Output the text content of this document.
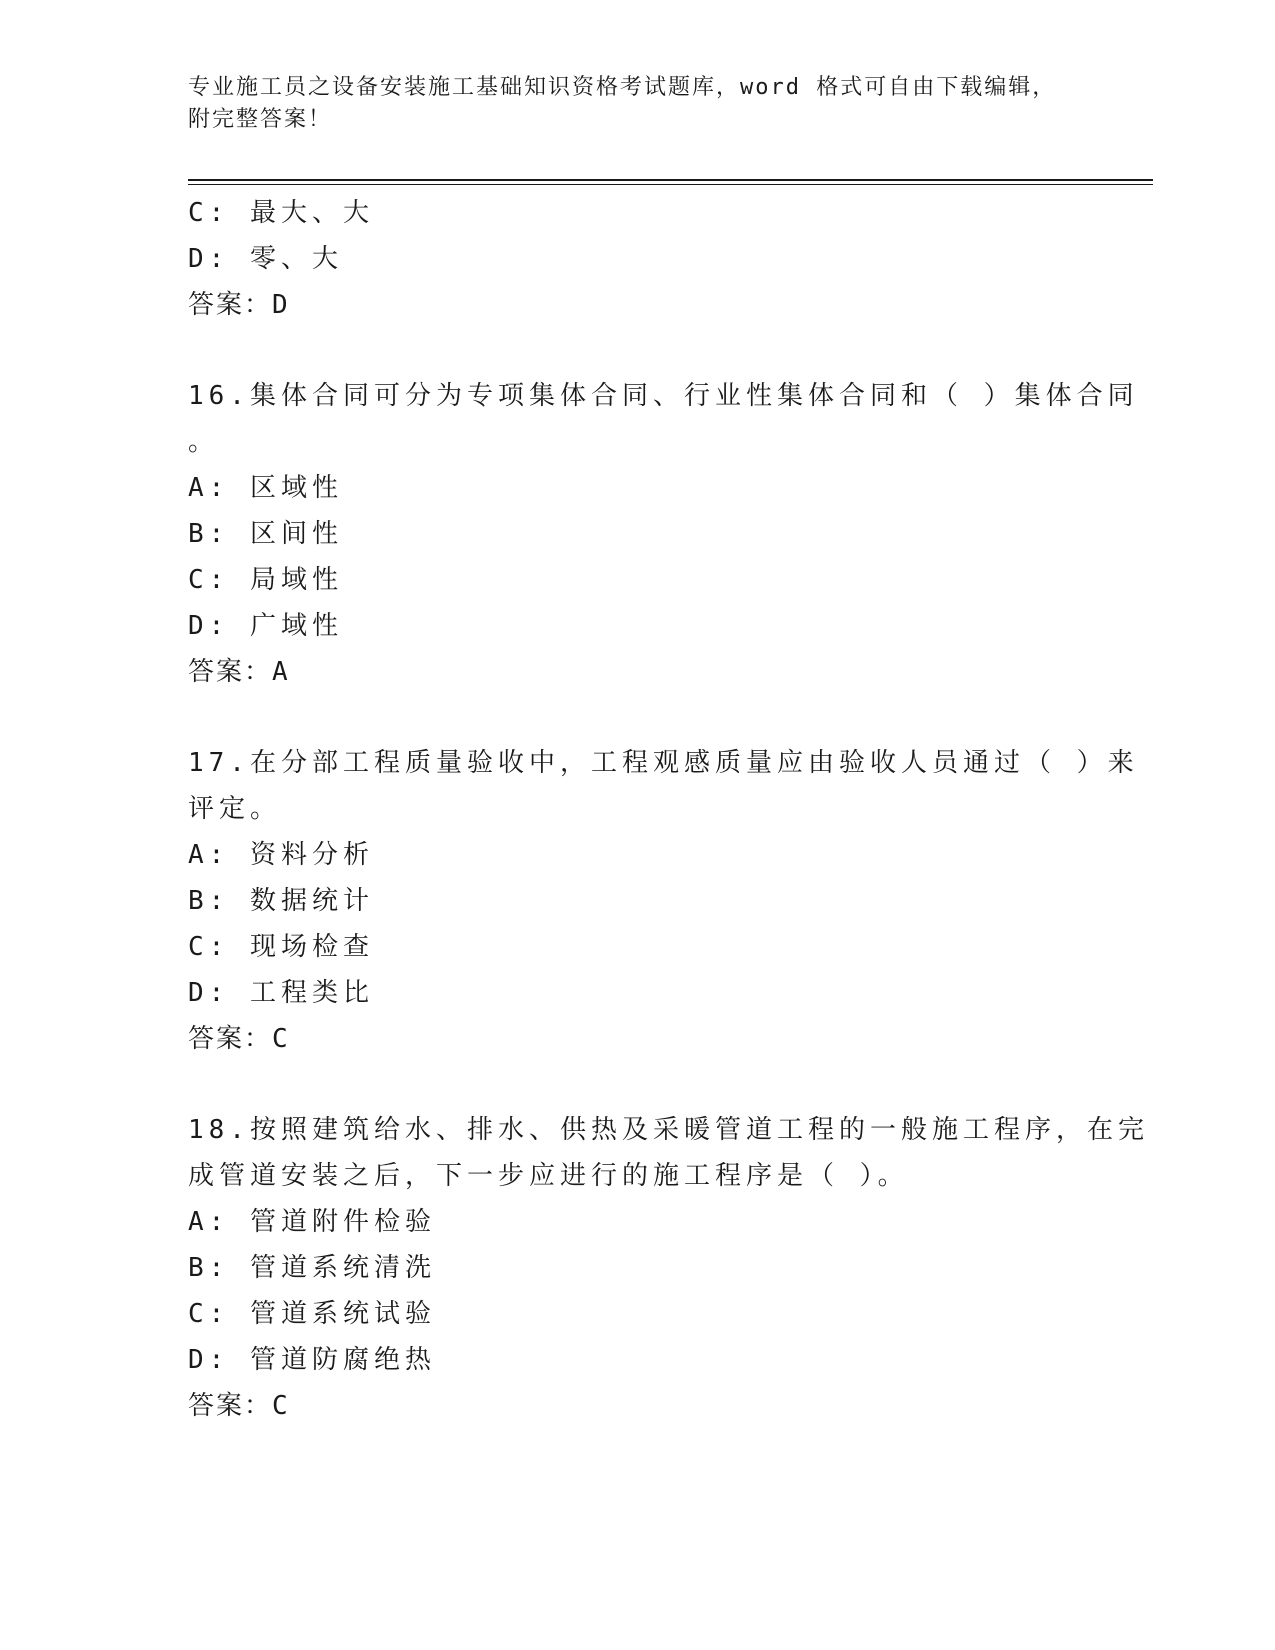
专业施工员之设备安装施工基础知识资格考试题库，word 格式可自由下载编辑，
附完整答案！
C: 最大、大
D: 零、大
答案：D
16.集体合同可分为专项集体合同、行业性集体合同和（ ）集体合同
。
A: 区域性
B: 区间性
C: 局域性
D: 广域性
答案：A
17.在分部工程质量验收中，工程观感质量应由验收人员通过（ ）来
评定。
A: 资料分析
B: 数据统计
C: 现场检查
D: 工程类比
答案：C
18.按照建筑给水、排水、供热及采暖管道工程的一般施工程序，在完
成管道安装之后，下一步应进行的施工程序是（ ）。
A: 管道附件检验
B: 管道系统清洗
C: 管道系统试验
D: 管道防腐绝热
答案：C
